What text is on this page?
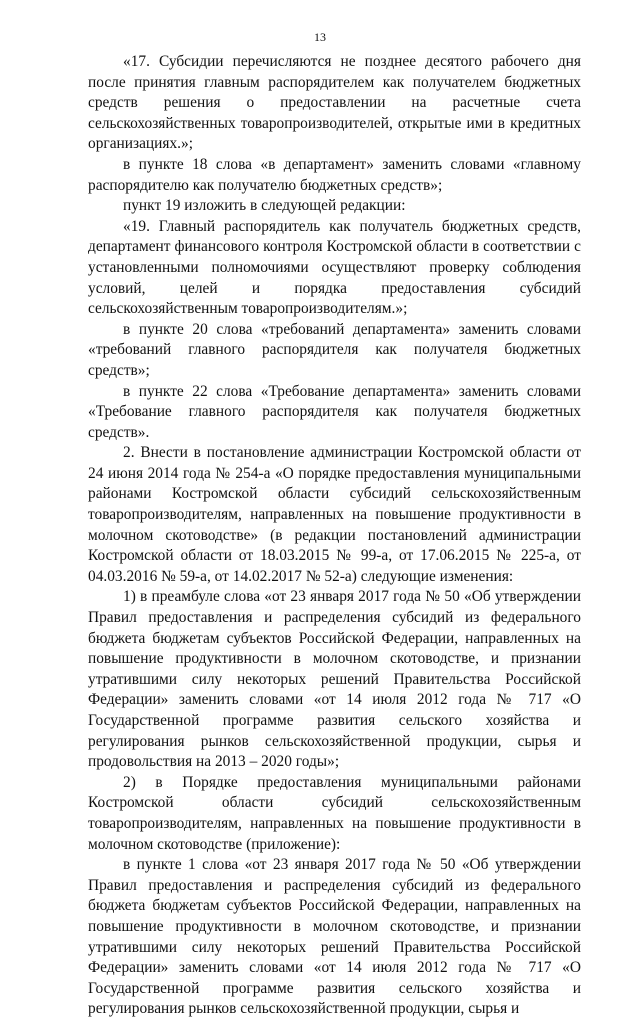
13

«17. Субсидии перечисляются не позднее десятого рабочего дня после принятия главным распорядителем как получателем бюджетных средств решения о предоставлении на расчетные счета сельскохозяйственных товаропроизводителей, открытые ими в кредитных организациях.»;

в пункте 18 слова «в департамент» заменить словами «главному распорядителю как получателю бюджетных средств»;

пункт 19 изложить в следующей редакции:

«19. Главный распорядитель как получатель бюджетных средств, департамент финансового контроля Костромской области в соответствии с установленными полномочиями осуществляют проверку соблюдения условий, целей и порядка предоставления субсидий сельскохозяйственным товаропроизводителям.»;

в пункте 20 слова «требований департамента» заменить словами «требований главного распорядителя как получателя бюджетных средств»;

в пункте 22 слова «Требование департамента» заменить словами «Требование главного распорядителя как получателя бюджетных средств».

2. Внести в постановление администрации Костромской области от 24 июня 2014 года № 254-а «О порядке предоставления муниципальными районами Костромской области субсидий сельскохозяйственным товаропроизводителям, направленных на повышение продуктивности в молочном скотоводстве» (в редакции постановлений администрации Костромской области от 18.03.2015 № 99-а, от 17.06.2015 № 225-а, от 04.03.2016 № 59-а, от 14.02.2017 № 52-а) следующие изменения:

1) в преамбуле слова «от 23 января 2017 года № 50 «Об утверждении Правил предоставления и распределения субсидий из федерального бюджета бюджетам субъектов Российской Федерации, направленных на повышение продуктивности в молочном скотоводстве, и признании утратившими силу некоторых решений Правительства Российской Федерации» заменить словами «от 14 июля 2012 года № 717 «О Государственной программе развития сельского хозяйства и регулирования рынков сельскохозяйственной продукции, сырья и продовольствия на 2013 – 2020 годы»;

2) в Порядке предоставления муниципальными районами Костромской области субсидий сельскохозяйственным товаропроизводителям, направленных на повышение продуктивности в молочном скотоводстве (приложение):

в пункте 1 слова «от 23 января 2017 года № 50 «Об утверждении Правил предоставления и распределения субсидий из федерального бюджета бюджетам субъектов Российской Федерации, направленных на повышение продуктивности в молочном скотоводстве, и признании утратившими силу некоторых решений Правительства Российской Федерации» заменить словами «от 14 июля 2012 года № 717 «О Государственной программе развития сельского хозяйства и регулирования рынков сельскохозяйственной продукции, сырья и
